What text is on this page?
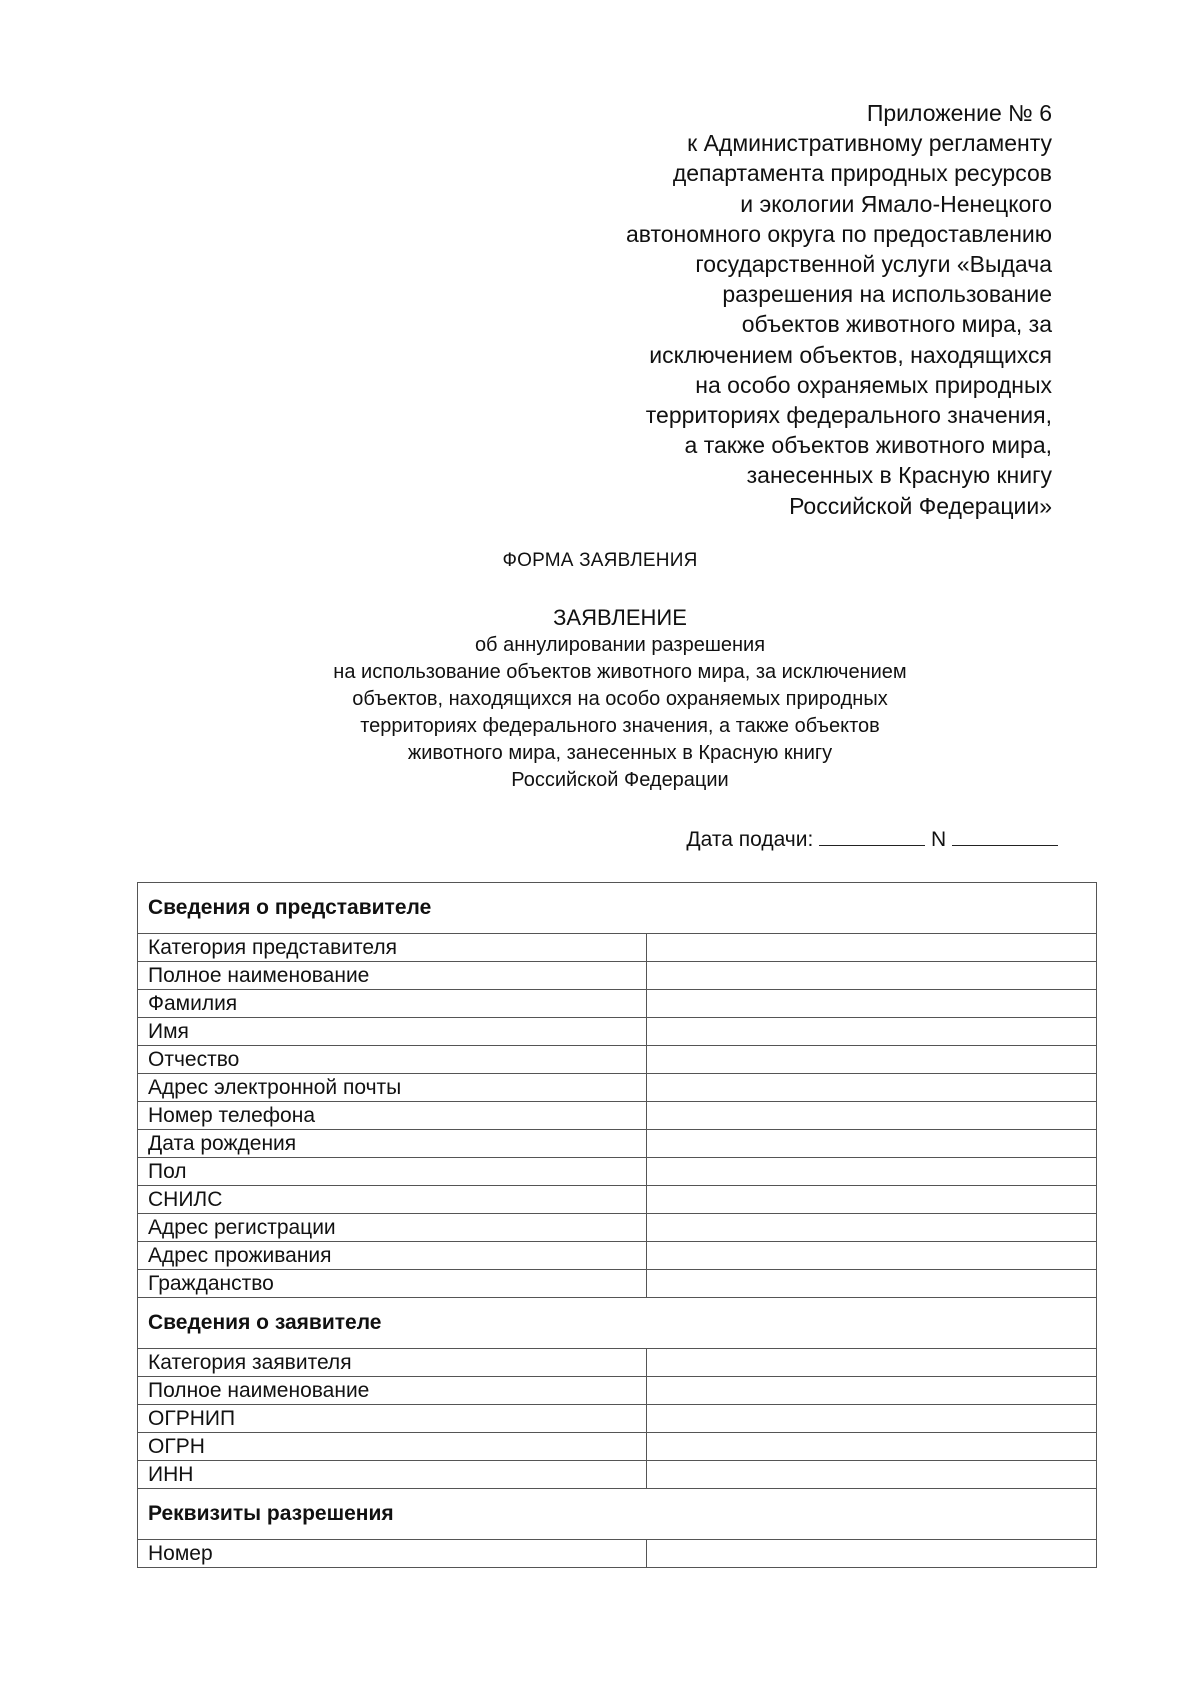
Приложение № 6
к Административному регламенту
департамента природных ресурсов
и экологии Ямало-Ненецкого
автономного округа по предоставлению
государственной услуги «Выдача
разрешения на использование
объектов животного мира, за
исключением объектов, находящихся
на особо охраняемых природных
территориях федерального значения,
а также объектов животного мира,
занесенных в Красную книгу
Российской Федерации»
ФОРМА ЗАЯВЛЕНИЯ
ЗАЯВЛЕНИЕ
об аннулировании разрешения
на использование объектов животного мира, за исключением
объектов, находящихся на особо охраняемых природных
территориях федерального значения, а также объектов
животного мира, занесенных в Красную книгу
Российской Федерации
Дата подачи:	N
Сведения о представителе	
Категория представителя	
Полное наименование	
Фамилия	
Имя	
Отчество	
Адрес электронной почты	
Номер телефона	
Дата рождения	
Пол	
СНИЛС	
Адрес регистрации	
Адрес проживания	
Гражданство	
Сведения о заявителе	
Категория заявителя	
Полное наименование	
ОГРНИП	
ОГРН	
ИНН	
Реквизиты разрешения	
Номер	
